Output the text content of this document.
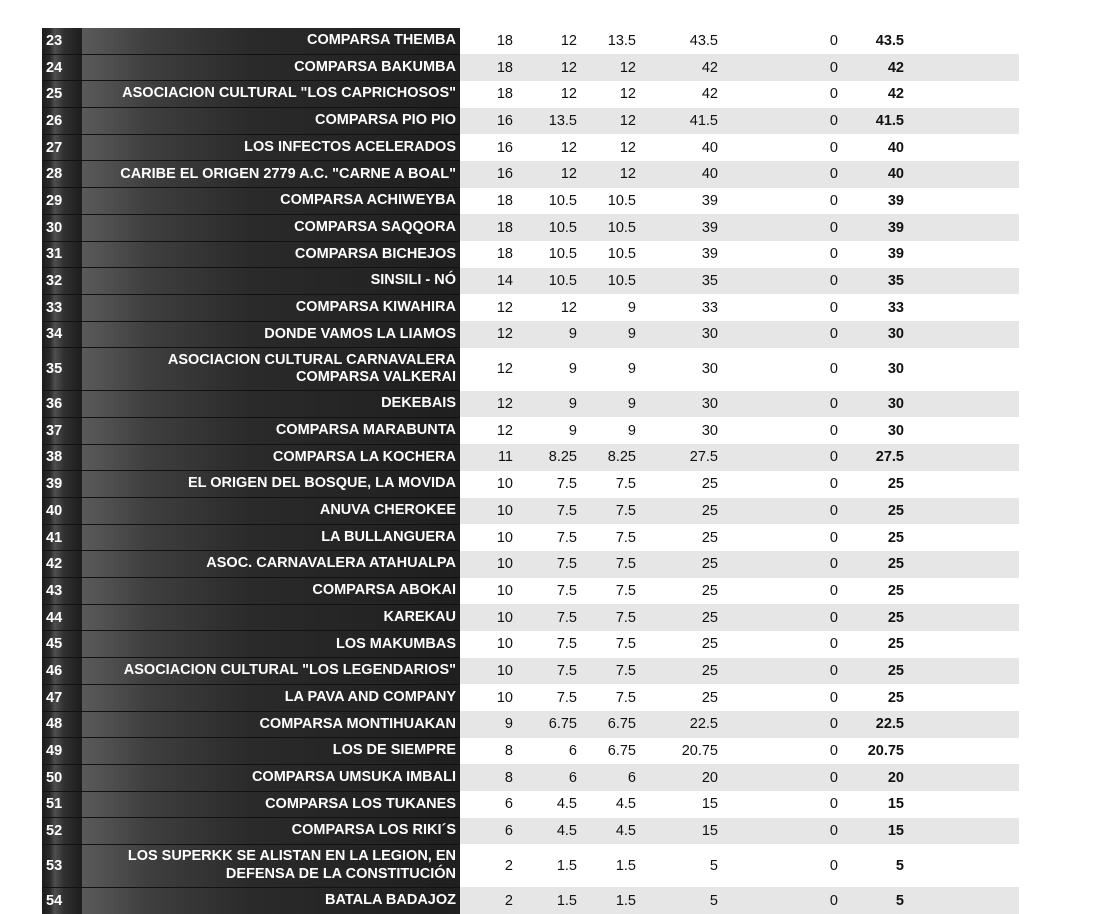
23	COMPARSA THEMBA	18	12	13.5	43.5	0	43.5	
24	COMPARSA BAKUMBA	18	12	12	42	0	42	
25	ASOCIACION CULTURAL "LOS CAPRICHOSOS"	18	12	12	42	0	42	
26	COMPARSA PIO PIO	16	13.5	12	41.5	0	41.5	
27	LOS INFECTOS ACELERADOS	16	12	12	40	0	40	
28	CARIBE EL ORIGEN 2779 A.C. "CARNE A BOAL"	16	12	12	40	0	40	
29	COMPARSA ACHIWEYBA	18	10.5	10.5	39	0	39	
30	COMPARSA SAQQORA	18	10.5	10.5	39	0	39	
31	COMPARSA BICHEJOS	18	10.5	10.5	39	0	39	
32	SINSILI - NÓ	14	10.5	10.5	35	0	35	
33	COMPARSA KIWAHIRA	12	12	9	33	0	33	
34	DONDE VAMOS LA LIAMOS	12	9	9	30	0	30	
35	ASOCIACION CULTURAL CARNAVALERA COMPARSA VALKERAI	12	9	9	30	0	30	
36	DEKEBAIS	12	9	9	30	0	30	
37	COMPARSA MARABUNTA	12	9	9	30	0	30	
38	COMPARSA LA KOCHERA	11	8.25	8.25	27.5	0	27.5	
39	EL ORIGEN DEL BOSQUE, LA MOVIDA	10	7.5	7.5	25	0	25	
40	ANUVA CHEROKEE	10	7.5	7.5	25	0	25	
41	LA BULLANGUERA	10	7.5	7.5	25	0	25	
42	ASOC. CARNAVALERA ATAHUALPA	10	7.5	7.5	25	0	25	
43	COMPARSA ABOKAI	10	7.5	7.5	25	0	25	
44	KAREKAU	10	7.5	7.5	25	0	25	
45	LOS MAKUMBAS	10	7.5	7.5	25	0	25	
46	ASOCIACION CULTURAL "LOS LEGENDARIOS"	10	7.5	7.5	25	0	25	
47	LA PAVA AND COMPANY	10	7.5	7.5	25	0	25	
48	COMPARSA MONTIHUAKAN	9	6.75	6.75	22.5	0	22.5	
49	LOS DE SIEMPRE	8	6	6.75	20.75	0	20.75	
50	COMPARSA UMSUKA IMBALI	8	6	6	20	0	20	
51	COMPARSA LOS TUKANES	6	4.5	4.5	15	0	15	
52	COMPARSA LOS RIKI´S	6	4.5	4.5	15	0	15	
53	LOS SUPERKK SE ALISTAN EN LA LEGION, EN DEFENSA DE LA CONSTITUCIÓN	2	1.5	1.5	5	0	5	
54	BATALA BADAJOZ	2	1.5	1.5	5	0	5	
